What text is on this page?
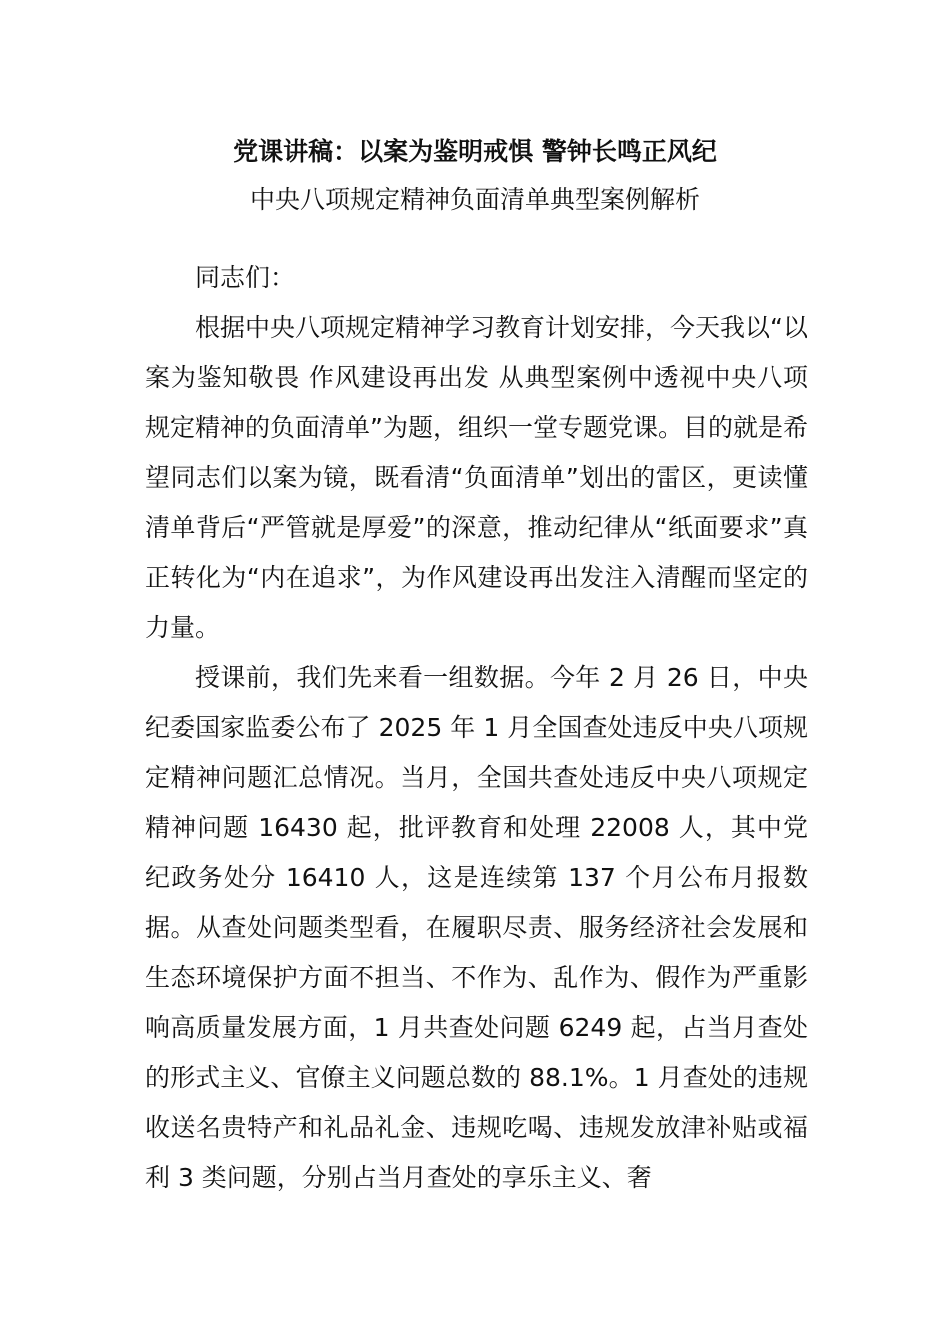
党课讲稿：以案为鉴明戒惧 警钟长鸣正风纪
中央八项规定精神负面清单典型案例解析

同志们：

根据中央八项规定精神学习教育计划安排，今天我以“以案为鉴知敬畏 作风建设再出发 从典型案例中透视中央八项规定精神的负面清单”为题，组织一堂专题党课。目的就是希望同志们以案为镜，既看清“负面清单”划出的雷区，更读懂清单背后“严管就是厚爱”的深意，推动纪律从“纸面要求”真正转化为“内在追求”，为作风建设再出发注入清醒而坚定的力量。

授课前，我们先来看一组数据。今年 2 月 26 日，中央纪委国家监委公布了 2025 年 1 月全国查处违反中央八项规定精神问题汇总情况。当月，全国共查处违反中央八项规定精神问题 16430 起，批评教育和处理 22008 人，其中党纪政务处分 16410 人，这是连续第 137 个月公布月报数据。从查处问题类型看，在履职尽责、服务经济社会发展和生态环境保护方面不担当、不作为、乱作为、假作为严重影响高质量发展方面，1 月共查处问题 6249 起，占当月查处的形式主义、官僚主义问题总数的 88.1%。1 月查处的违规收送名贵特产和礼品礼金、违规吃喝、违规发放津补贴或福利 3 类问题，分别占当月查处的享乐主义、奢
